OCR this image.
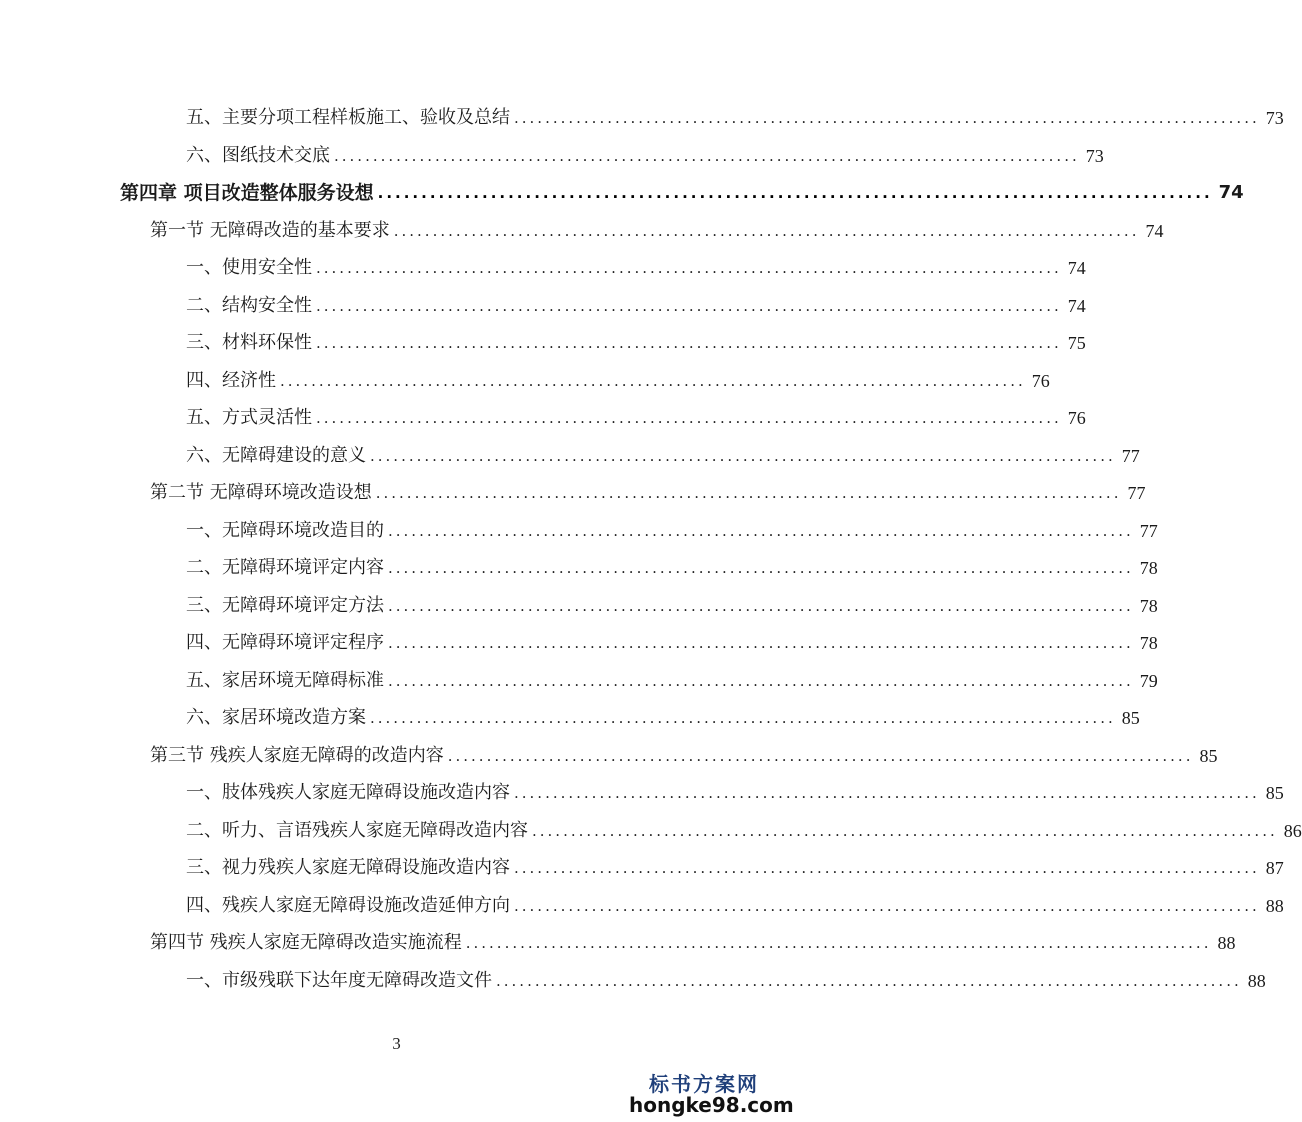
五、主要分项工程样板施工、验收及总结 ................................................................................................ 73
六、图纸技术交底 ................................................................................................ 73
第四章 项目改造整体服务设想 ................................................................................................ 74
第一节 无障碍改造的基本要求 ................................................................................................ 74
一、使用安全性 ................................................................................................ 74
二、结构安全性 ................................................................................................ 74
三、材料环保性 ................................................................................................ 75
四、经济性 ................................................................................................ 76
五、方式灵活性 ................................................................................................ 76
六、无障碍建设的意义 ................................................................................................ 77
第二节 无障碍环境改造设想 ................................................................................................ 77
一、无障碍环境改造目的 ................................................................................................ 77
二、无障碍环境评定内容 ................................................................................................ 78
三、无障碍环境评定方法 ................................................................................................ 78
四、无障碍环境评定程序 ................................................................................................ 78
五、家居环境无障碍标准 ................................................................................................ 79
六、家居环境改造方案 ................................................................................................ 85
第三节 残疾人家庭无障碍的改造内容 ................................................................................................ 85
一、肢体残疾人家庭无障碍设施改造内容 ................................................................................................ 85
二、听力、言语残疾人家庭无障碍改造内容 ................................................................................................ 86
三、视力残疾人家庭无障碍设施改造内容 ................................................................................................ 87
四、残疾人家庭无障碍设施改造延伸方向 ................................................................................................ 88
第四节 残疾人家庭无障碍改造实施流程 ................................................................................................ 88
一、市级残联下达年度无障碍改造文件 ................................................................................................ 88
3
标书方案网
hongke98.com
